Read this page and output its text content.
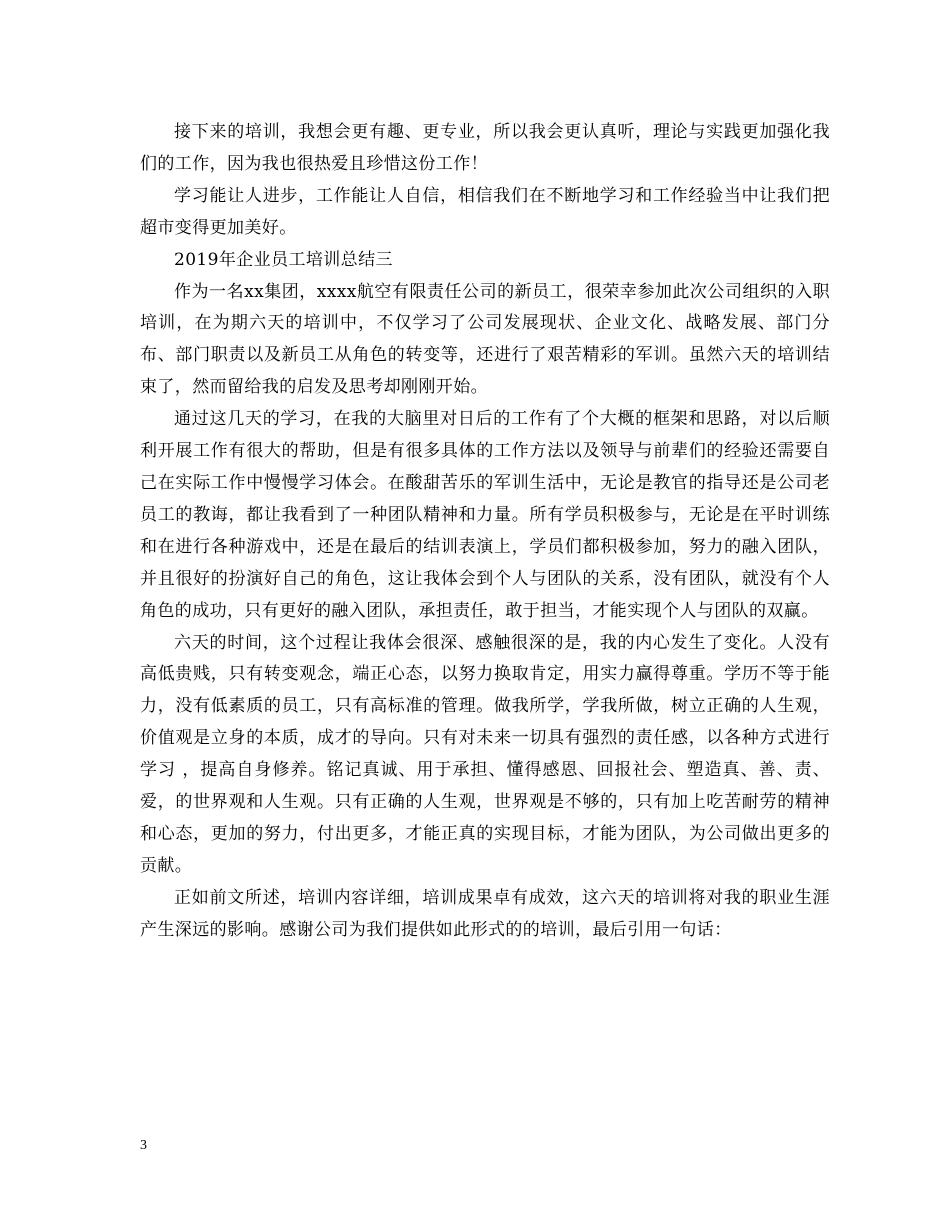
接下来的培训，我想会更有趣、更专业，所以我会更认真听，理论与实践更加强化我们的工作，因为我也很热爱且珍惜这份工作！

学习能让人进步，工作能让人自信，相信我们在不断地学习和工作经验当中让我们把超市变得更加美好。

2019年企业员工培训总结三

作为一名xx集团，xxxx航空有限责任公司的新员工，很荣幸参加此次公司组织的入职培训，在为期六天的培训中，不仅学习了公司发展现状、企业文化、战略发展、部门分布、部门职责以及新员工从角色的转变等，还进行了艰苦精彩的军训。虽然六天的培训结束了，然而留给我的启发及思考却刚刚开始。

通过这几天的学习，在我的大脑里对日后的工作有了个大概的框架和思路，对以后顺利开展工作有很大的帮助，但是有很多具体的工作方法以及领导与前辈们的经验还需要自己在实际工作中慢慢学习体会。在酸甜苦乐的军训生活中，无论是教官的指导还是公司老员工的教诲，都让我看到了一种团队精神和力量。所有学员积极参与，无论是在平时训练和在进行各种游戏中，还是在最后的结训表演上，学员们都积极参加，努力的融入团队，并且很好的扮演好自己的角色，这让我体会到个人与团队的关系，没有团队，就没有个人角色的成功，只有更好的融入团队，承担责任，敢于担当，才能实现个人与团队的双赢。

六天的时间，这个过程让我体会很深、感触很深的是，我的内心发生了变化。人没有高低贵贱，只有转变观念，端正心态，以努力换取肯定，用实力赢得尊重。学历不等于能力，没有低素质的员工，只有高标准的管理。做我所学，学我所做，树立正确的人生观，价值观是立身的本质，成才的导向。只有对未来一切具有强烈的责任感，以各种方式进行学习 ，提高自身修养。铭记真诚、用于承担、懂得感恩、回报社会、塑造真、善、责、爱，的世界观和人生观。只有正确的人生观，世界观是不够的，只有加上吃苦耐劳的精神和心态，更加的努力，付出更多，才能正真的实现目标，才能为团队，为公司做出更多的贡献。

正如前文所述，培训内容详细，培训成果卓有成效，这六天的培训将对我的职业生涯产生深远的影响。感谢公司为我们提供如此形式的的培训，最后引用一句话：

3
